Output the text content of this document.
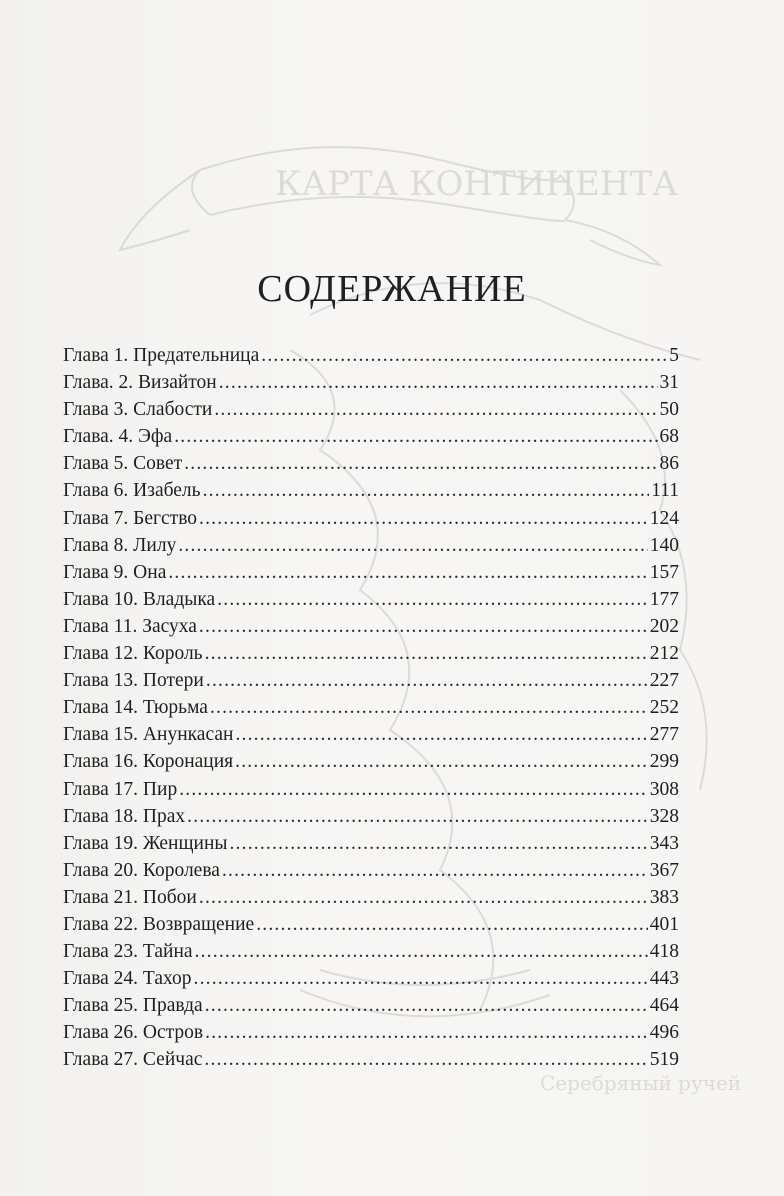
КАРТА КОНТИНЕНТА
Серебряный ручей
СОДЕРЖАНИЕ
Глава 1. Предательница .....	5
Глава. 2. Визайтон .....	31
Глава 3. Слабости .....	50
Глава. 4. Эфа .....	68
Глава 5. Совет .....	86
Глава 6. Изабель .....	111
Глава 7. Бегство .....	124
Глава 8. Лилу .....	140
Глава 9. Она .....	157
Глава 10. Владыка .....	177
Глава 11. Засуха .....	202
Глава 12. Король .....	212
Глава 13. Потери .....	227
Глава 14. Тюрьма .....	252
Глава 15. Анункасан .....	277
Глава 16. Коронация .....	299
Глава 17. Пир .....	308
Глава 18. Прах .....	328
Глава 19. Женщины .....	343
Глава 20. Королева .....	367
Глава 21. Побои .....	383
Глава 22. Возвращение .....	401
Глава 23. Тайна .....	418
Глава 24. Тахор .....	443
Глава 25. Правда .....	464
Глава 26. Остров .....	496
Глава 27. Сейчас .....	519
